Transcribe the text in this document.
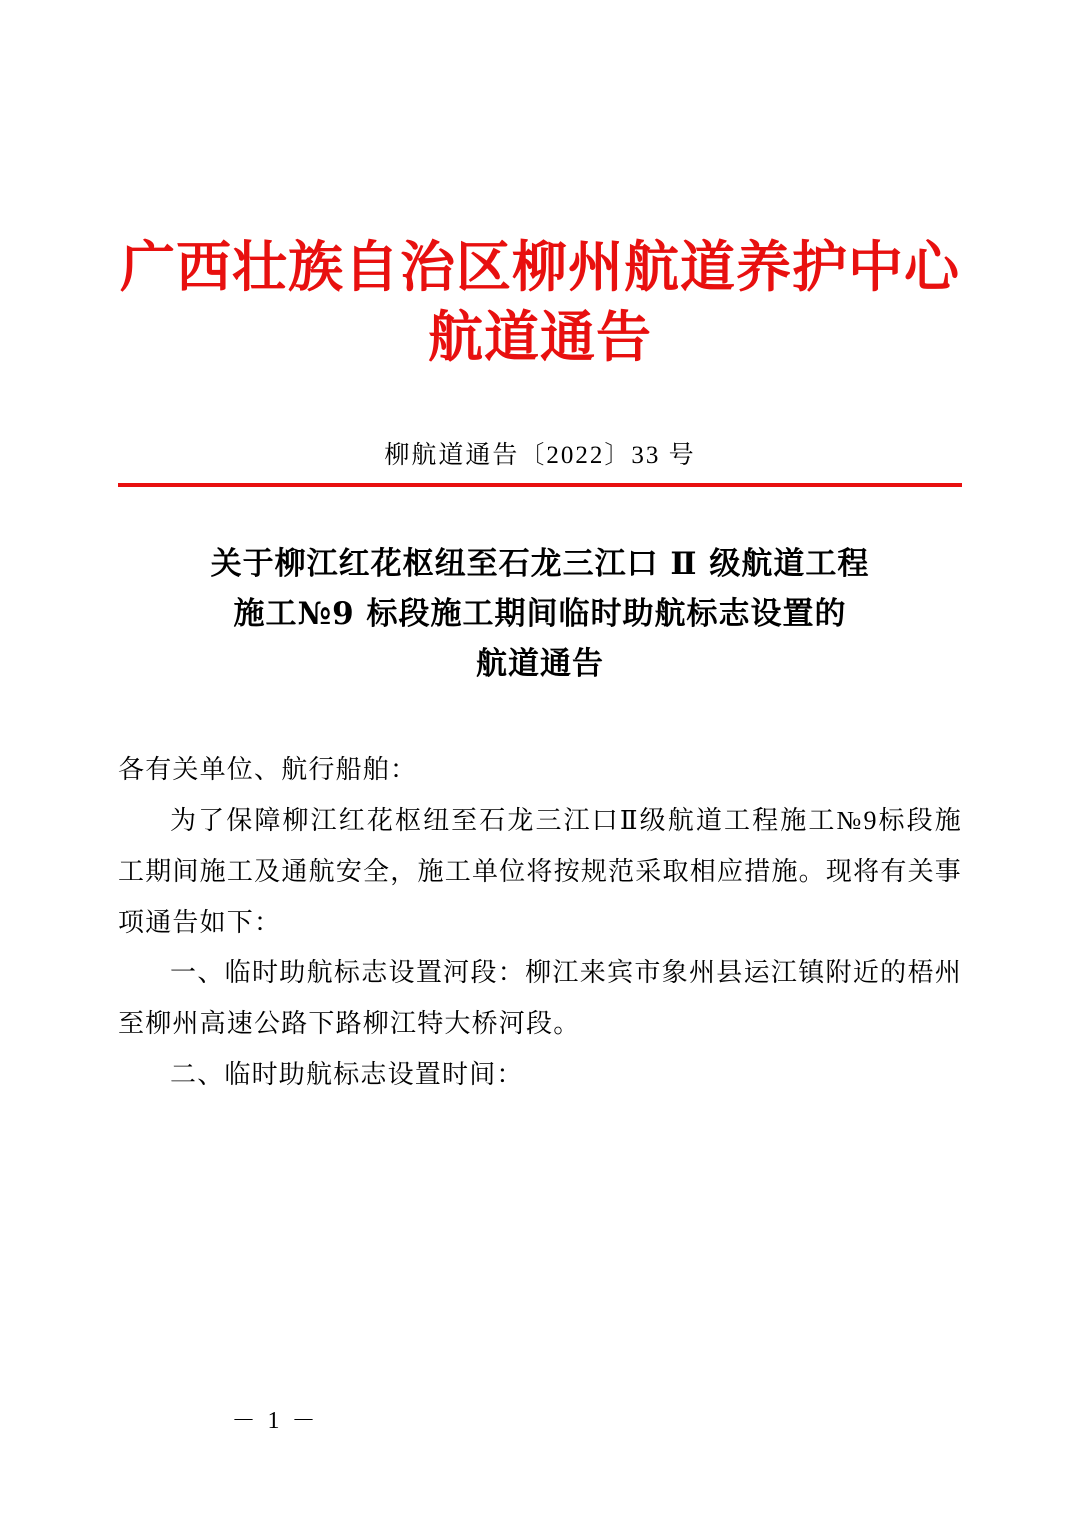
广西壮族自治区柳州航道养护中心
航道通告
柳航道通告〔2022〕33 号
关于柳江红花枢纽至石龙三江口 Ⅱ 级航道工程
施工№9 标段施工期间临时助航标志设置的
航道通告

各有关单位、航行船舶：

为了保障柳江红花枢纽至石龙三江口Ⅱ级航道工程施工№9标段施工期间施工及通航安全，施工单位将按规范采取相应措施。现将有关事项通告如下：

一、临时助航标志设置河段：柳江来宾市象州县运江镇附近的梧州至柳州高速公路下路柳江特大桥河段。

二、临时助航标志设置时间：

－ 1 －
